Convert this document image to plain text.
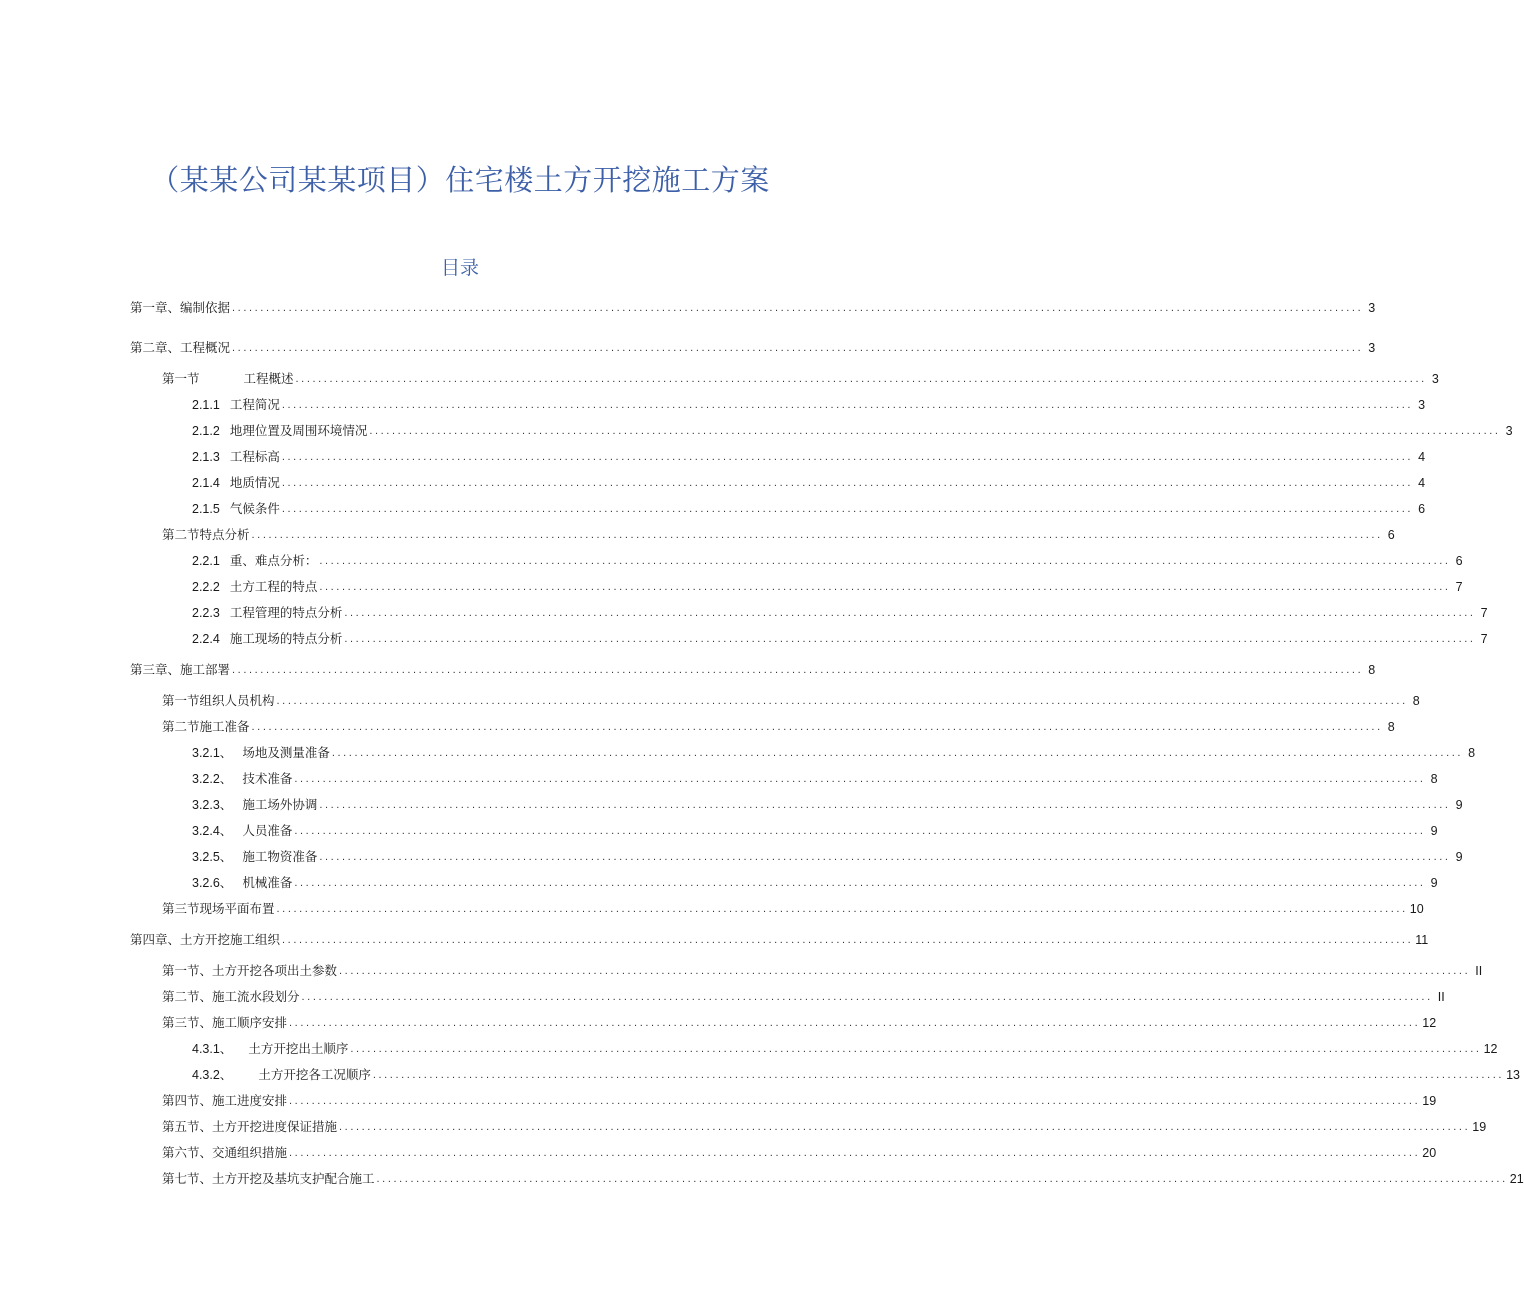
（某某公司某某项目）住宅楼土方开挖施工方案
目录
第一章、编制依据 ........................................................................................................................................................................................................ 3
第二章、工程概况 ........................................................................................................................................................................................................ 3
第一节	工程概述 ........................................................................................................................................................................................................ 3
2.1.1 工程简况 ........................................................................................................................................................................................................ 3
2.1.2 地理位置及周围环境情况 ........................................................................................................................................................................................................ 3
2.1.3 工程标高 ........................................................................................................................................................................................................ 4
2.1.4 地质情况 ........................................................................................................................................................................................................ 4
2.1.5 气候条件 ........................................................................................................................................................................................................ 6
第二节特点分析 ........................................................................................................................................................................................................ 6
2.2.1 重、难点分析： ........................................................................................................................................................................................................ 6
2.2.2 土方工程的特点 ........................................................................................................................................................................................................ 7
2.2.3 工程管理的特点分析 ........................................................................................................................................................................................................ 7
2.2.4 施工现场的特点分析 ........................................................................................................................................................................................................ 7
第三章、施工部署 ........................................................................................................................................................................................................ 8
第一节组织人员机构 ........................................................................................................................................................................................................ 8
第二节施工准备 ........................................................................................................................................................................................................ 8
3.2.1、 场地及测量准备 ........................................................................................................................................................................................................ 8
3.2.2、 技术准备 ........................................................................................................................................................................................................ 8
3.2.3、 施工场外协调 ........................................................................................................................................................................................................ 9
3.2.4、 人员准备 ........................................................................................................................................................................................................ 9
3.2.5、 施工物资准备 ........................................................................................................................................................................................................ 9
3.2.6、 机械准备 ........................................................................................................................................................................................................ 9
第三节现场平面布置 ........................................................................................................................................................................................................ 10
第四章、土方开挖施工组织 ........................................................................................................................................................................................................ 11
第一节、土方开挖各项出土参数 ........................................................................................................................................................................................................ II
第二节、施工流水段划分 ........................................................................................................................................................................................................ II
第三节、施工顺序安排 ........................................................................................................................................................................................................ 12
4.3.1、 土方开挖出土顺序 ........................................................................................................................................................................................................ 12
4.3.2、 土方开挖各工况顺序 ........................................................................................................................................................................................................ 13
第四节、施工进度安排 ........................................................................................................................................................................................................ 19
第五节、土方开挖进度保证措施 ........................................................................................................................................................................................................ 19
第六节、交通组织措施 ........................................................................................................................................................................................................ 20
第七节、土方开挖及基坑支护配合施工 ........................................................................................................................................................................................................ 21
